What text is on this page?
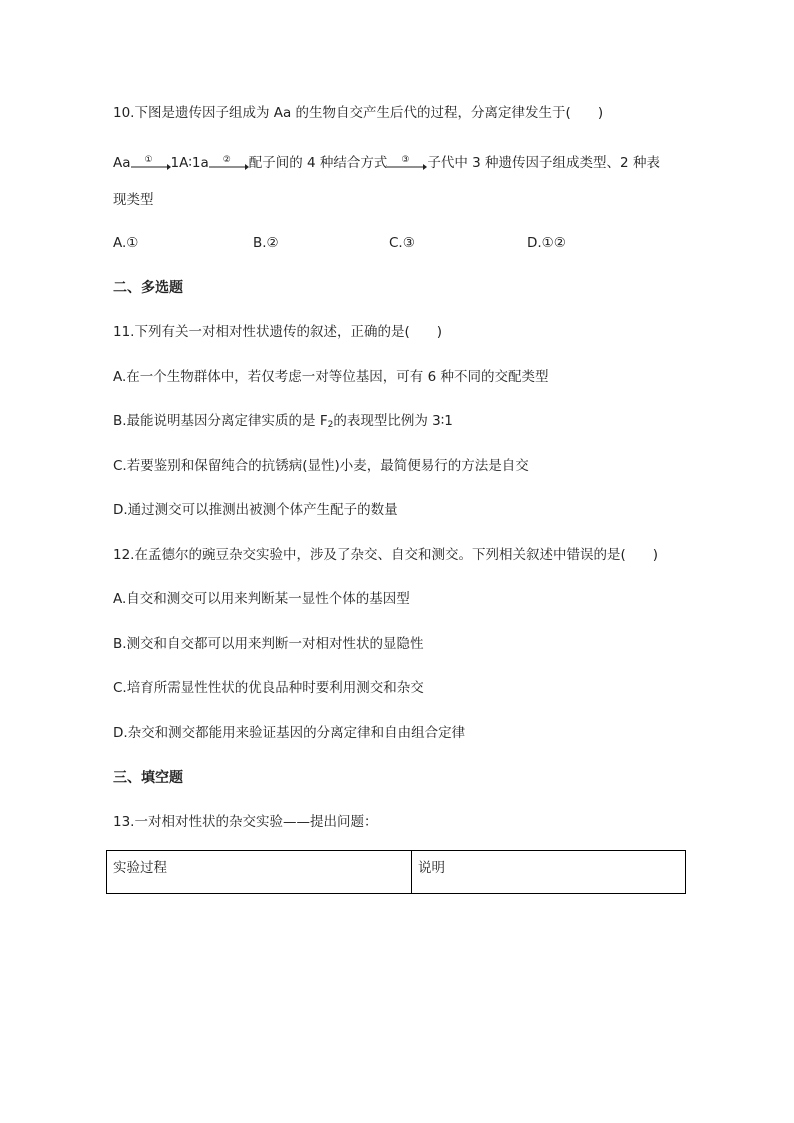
10.下图是遗传因子组成为 Aa 的生物自交产生后代的过程，分离定律发生于(　　)
Aa ① 1A∶1a ② 配子间的 4 种结合方式 ③ 子代中 3 种遗传因子组成类型、2 种表
现类型
A.①	B.②	C.③	D.①②
二、多选题
11.下列有关一对相对性状遗传的叙述，正确的是(　　)
A.在一个生物群体中，若仅考虑一对等位基因，可有 6 种不同的交配类型
B.最能说明基因分离定律实质的是 $F_2$的表现型比例为 3∶1
C.若要鉴别和保留纯合的抗锈病(显性)小麦，最简便易行的方法是自交
D.通过测交可以推测出被测个体产生配子的数量
12.在孟德尔的豌豆杂交实验中，涉及了杂交、自交和测交。下列相关叙述中错误的是(　　)
A.自交和测交可以用来判断某一显性个体的基因型
B.测交和自交都可以用来判断一对相对性状的显隐性
C.培育所需显性性状的优良品种时要利用测交和杂交
D.杂交和测交都能用来验证基因的分离定律和自由组合定律
三、填空题
13.一对相对性状的杂交实验——提出问题：
实验过程	说明
